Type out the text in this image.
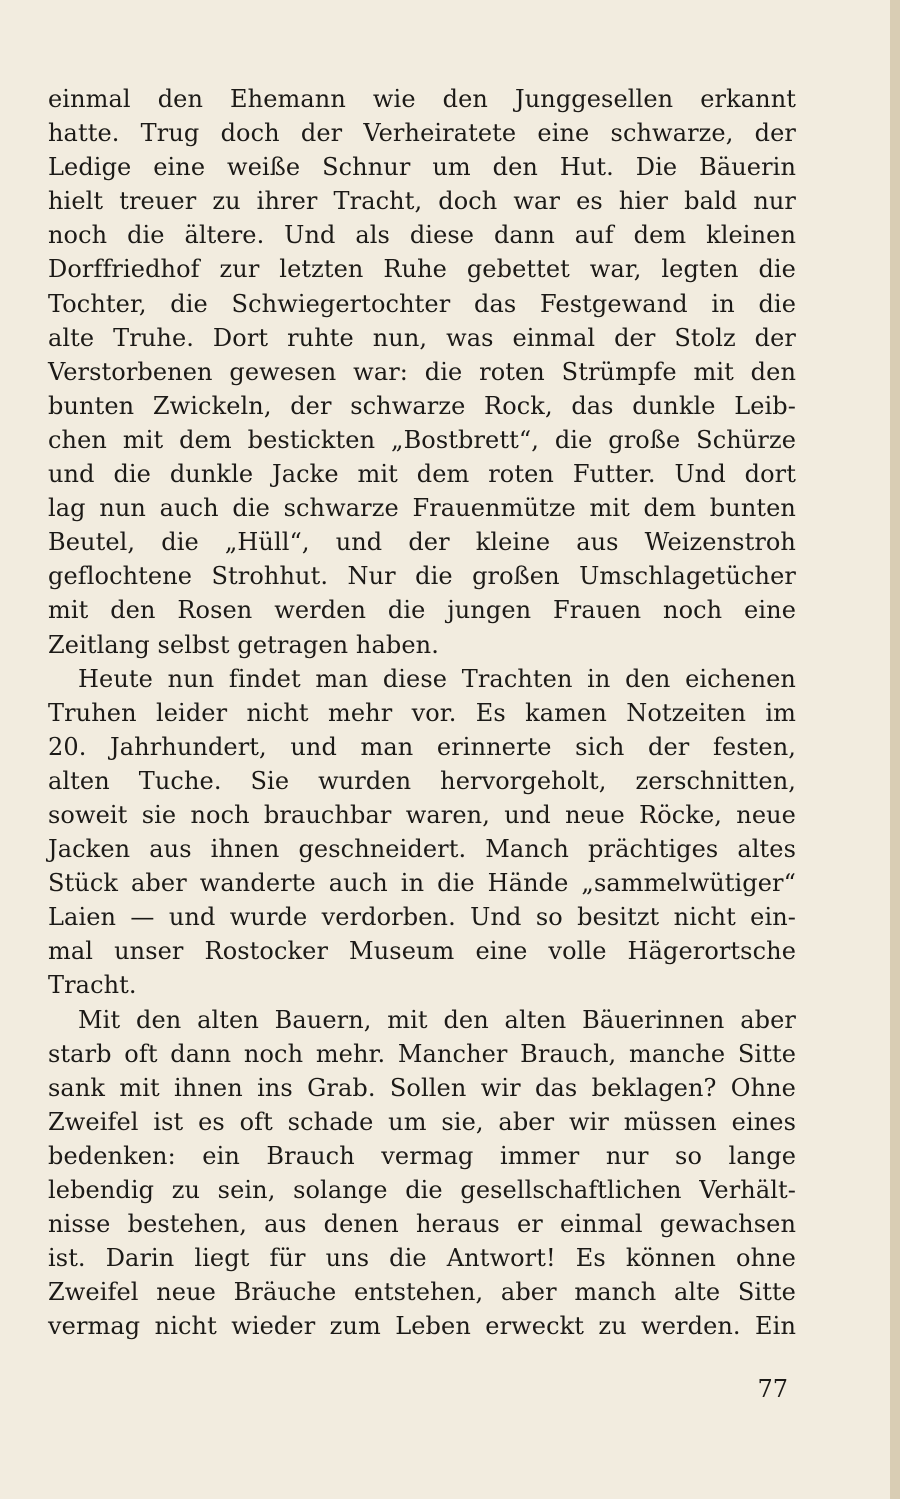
einmal den Ehemann wie den Junggesellen erkannt
hatte. Trug doch der Verheiratete eine schwarze, der
Ledige eine weiße Schnur um den Hut. Die Bäuerin
hielt treuer zu ihrer Tracht, doch war es hier bald nur
noch die ältere. Und als diese dann auf dem kleinen
Dorffriedhof zur letzten Ruhe gebettet war, legten die
Tochter, die Schwiegertochter das Festgewand in die
alte Truhe. Dort ruhte nun, was einmal der Stolz der
Verstorbenen gewesen war: die roten Strümpfe mit den
bunten Zwickeln, der schwarze Rock, das dunkle Leib-
chen mit dem bestickten „Bostbrett“, die große Schürze
und die dunkle Jacke mit dem roten Futter. Und dort
lag nun auch die schwarze Frauenmütze mit dem bunten
Beutel, die „Hüll“, und der kleine aus Weizenstroh
geflochtene Strohhut. Nur die großen Umschlagetücher
mit den Rosen werden die jungen Frauen noch eine
Zeitlang selbst getragen haben.
Heute nun findet man diese Trachten in den eichenen
Truhen leider nicht mehr vor. Es kamen Notzeiten im
20. Jahrhundert, und man erinnerte sich der festen,
alten Tuche. Sie wurden hervorgeholt, zerschnitten,
soweit sie noch brauchbar waren, und neue Röcke, neue
Jacken aus ihnen geschneidert. Manch prächtiges altes
Stück aber wanderte auch in die Hände „sammelwütiger“
Laien — und wurde verdorben. Und so besitzt nicht ein-
mal unser Rostocker Museum eine volle Hägerortsche
Tracht.
Mit den alten Bauern, mit den alten Bäuerinnen aber
starb oft dann noch mehr. Mancher Brauch, manche Sitte
sank mit ihnen ins Grab. Sollen wir das beklagen? Ohne
Zweifel ist es oft schade um sie, aber wir müssen eines
bedenken: ein Brauch vermag immer nur so lange
lebendig zu sein, solange die gesellschaftlichen Verhält-
nisse bestehen, aus denen heraus er einmal gewachsen
ist. Darin liegt für uns die Antwort! Es können ohne
Zweifel neue Bräuche entstehen, aber manch alte Sitte
vermag nicht wieder zum Leben erweckt zu werden. Ein
77
